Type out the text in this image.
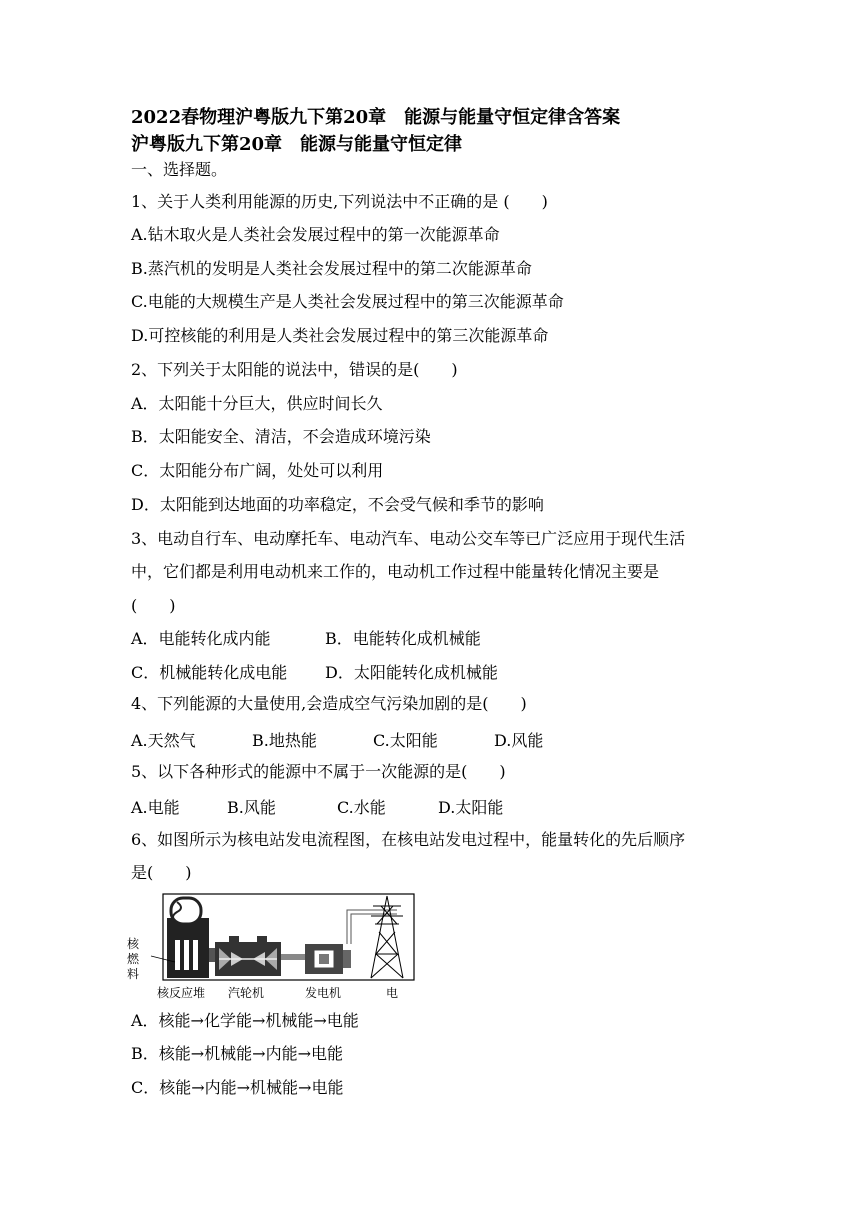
2022春物理沪粤版九下第20章　能源与能量守恒定律含答案
沪粤版九下第20章　能源与能量守恒定律
一、选择题。
1、关于人类利用能源的历史,下列说法中不正确的是 (　　)
A.钻木取火是人类社会发展过程中的第一次能源革命
B.蒸汽机的发明是人类社会发展过程中的第二次能源革命
C.电能的大规模生产是人类社会发展过程中的第三次能源革命
D.可控核能的利用是人类社会发展过程中的第三次能源革命
2、下列关于太阳能的说法中，错误的是(　　)
A．太阳能十分巨大，供应时间长久
B．太阳能安全、清洁，不会造成环境污染
C．太阳能分布广阔，处处可以利用
D．太阳能到达地面的功率稳定，不会受气候和季节的影响
3、电动自行车、电动摩托车、电动汽车、电动公交车等已广泛应用于现代生活
中，它们都是利用电动机来工作的，电动机工作过程中能量转化情况主要是
(　　)
A．电能转化成内能	B．电能转化成机械能
C．机械能转化成电能 D．太阳能转化成机械能
4、下列能源的大量使用,会造成空气污染加剧的是(　　)
A.天然气	B.地热能	C.太阳能	D.风能
5、以下各种形式的能源中不属于一次能源的是(　　)
A.电能	B.风能	C.水能	D.太阳能
6、如图所示为核电站发电流程图，在核电站发电过程中，能量转化的先后顺序
是(　　)
核
燃
料
核反应堆 汽轮机	发电机	电
A．核能→化学能→机械能→电能
B．核能→机械能→内能→电能
C．核能→内能→机械能→电能
